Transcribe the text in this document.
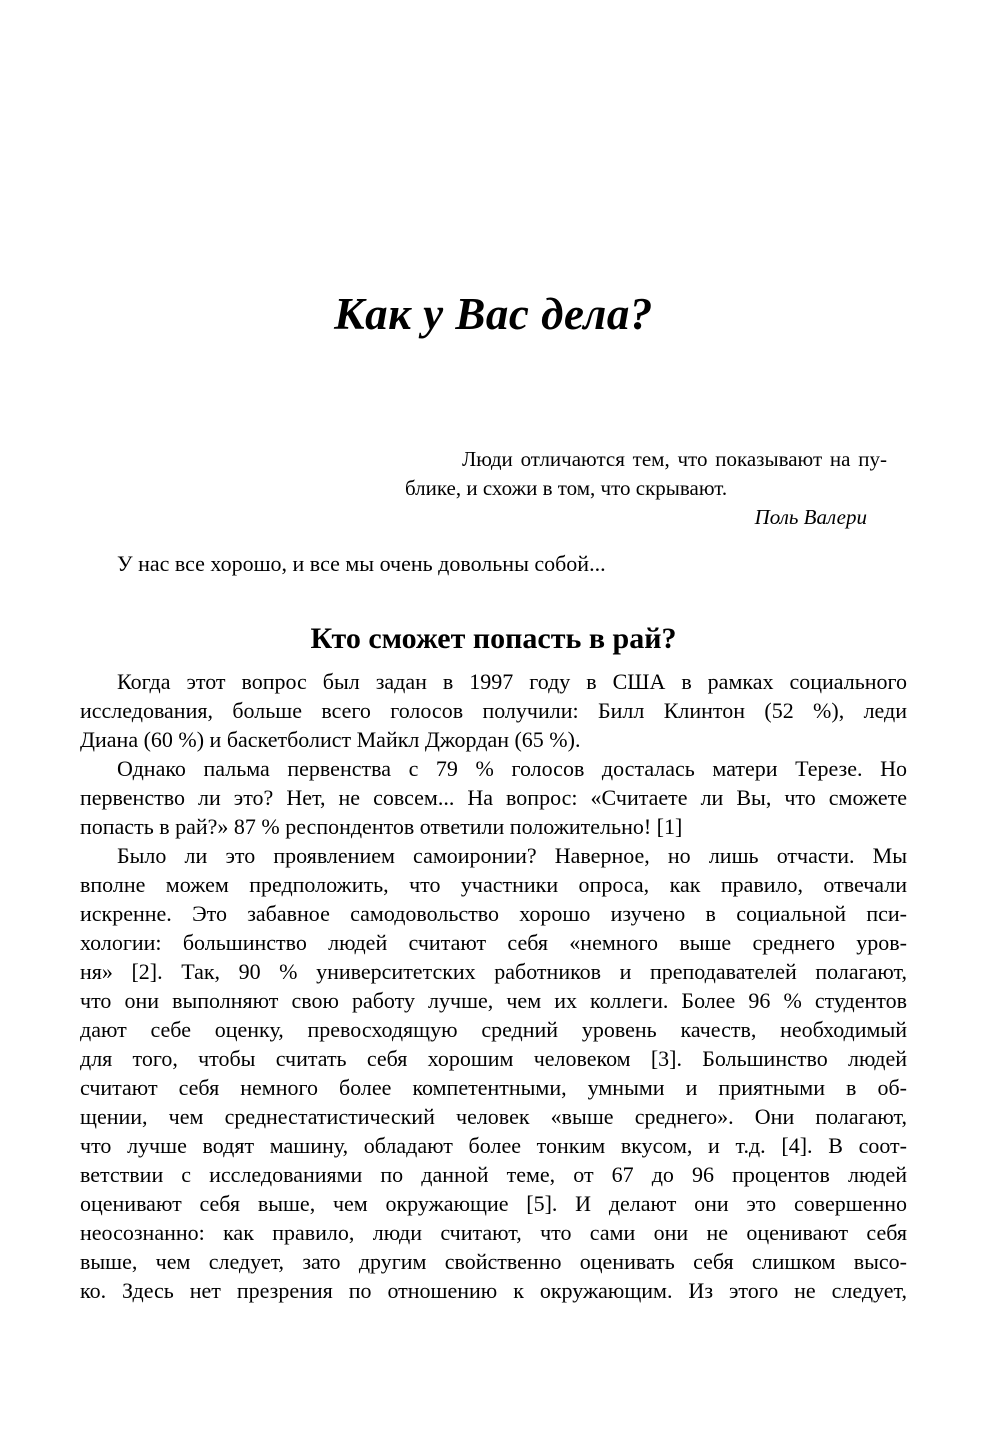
Как у Вас дела?
Люди отличаются тем, что показывают на пу-
блике, и схожи в том, что скрывают.
Поль Валери
У нас все хорошо, и все мы очень довольны собой...
Кто сможет попасть в рай?
Когда этот вопрос был задан в 1997 году в США в рамках социального
исследования, больше всего голосов получили: Билл Клинтон (52 %), леди
Диана (60 %) и баскетболист Майкл Джордан (65 %).
Однако пальма первенства с 79 % голосов досталась матери Терезе. Но
первенство ли это? Нет, не совсем... На вопрос: «Считаете ли Вы, что сможете
попасть в рай?» 87 % респондентов ответили положительно! [1]
Было ли это проявлением самоиронии? Наверное, но лишь отчасти. Мы
вполне можем предположить, что участники опроса, как правило, отвечали
искренне. Это забавное самодовольство хорошо изучено в социальной пси-
хологии: большинство людей считают себя «немного выше среднего уров-
ня» [2]. Так, 90 % университетских работников и преподавателей полагают,
что они выполняют свою работу лучше, чем их коллеги. Более 96 % студентов
дают себе оценку, превосходящую средний уровень качеств, необходимый
для того, чтобы считать себя хорошим человеком [3]. Большинство людей
считают себя немного более компетентными, умными и приятными в об-
щении, чем среднестатистический человек «выше среднего». Они полагают,
что лучше водят машину, обладают более тонким вкусом, и т.д. [4]. В соот-
ветствии с исследованиями по данной теме, от 67 до 96 процентов людей
оценивают себя выше, чем окружающие [5]. И делают они это совершенно
неосознанно: как правило, люди считают, что сами они не оценивают себя
выше, чем следует, зато другим свойственно оценивать себя слишком высо-
ко. Здесь нет презрения по отношению к окружающим. Из этого не следует,
